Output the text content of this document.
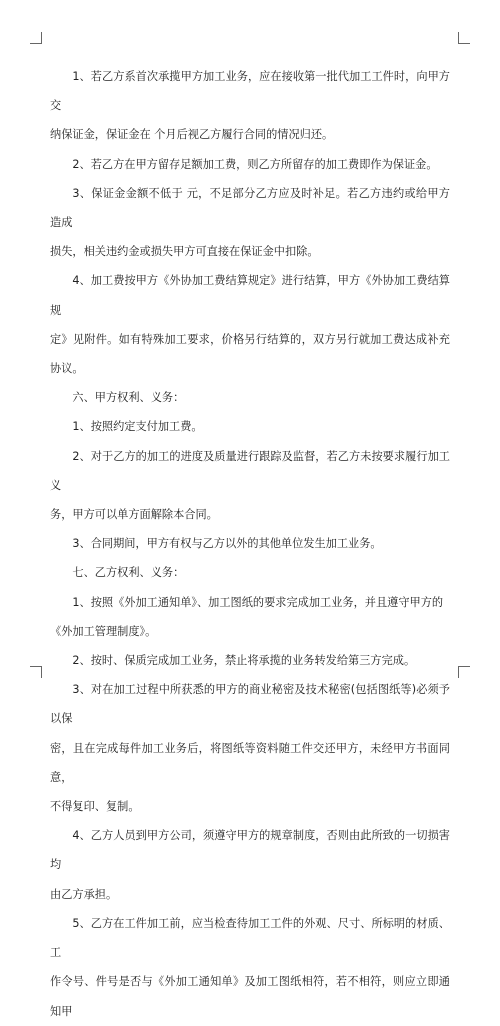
1、若乙方系首次承揽甲方加工业务，应在接收第一批代加工工件时，向甲方交
纳保证金，保证金在 个月后视乙方履行合同的情况归还。

2、若乙方在甲方留存足额加工费，则乙方所留存的加工费即作为保证金。

3、保证金金额不低于 元，不足部分乙方应及时补足。若乙方违约或给甲方造成
损失，相关违约金或损失甲方可直接在保证金中扣除。

4、加工费按甲方《外协加工费结算规定》进行结算，甲方《外协加工费结算规
定》见附件。如有特殊加工要求，价格另行结算的，双方另行就加工费达成补充协议。

六、甲方权利、义务：

1、按照约定支付加工费。

2、对于乙方的加工的进度及质量进行跟踪及监督，若乙方未按要求履行加工义
务，甲方可以单方面解除本合同。

3、合同期间，甲方有权与乙方以外的其他单位发生加工业务。

七、乙方权利、义务：

1、按照《外加工通知单》、加工图纸的要求完成加工业务，并且遵守甲方的
《外加工管理制度》。

2、按时、保质完成加工业务，禁止将承揽的业务转发给第三方完成。

3、对在加工过程中所获悉的甲方的商业秘密及技术秘密(包括图纸等)必须予以保
密，且在完成每件加工业务后，将图纸等资料随工件交还甲方，未经甲方书面同意，
不得复印、复制。

4、乙方人员到甲方公司，须遵守甲方的规章制度，否则由此所致的一切损害均
由乙方承担。

5、乙方在工件加工前，应当检查待加工工件的外观、尺寸、所标明的材质、工
作令号、件号是否与《外加工通知单》及加工图纸相符，若不相符，则应立即通知甲
